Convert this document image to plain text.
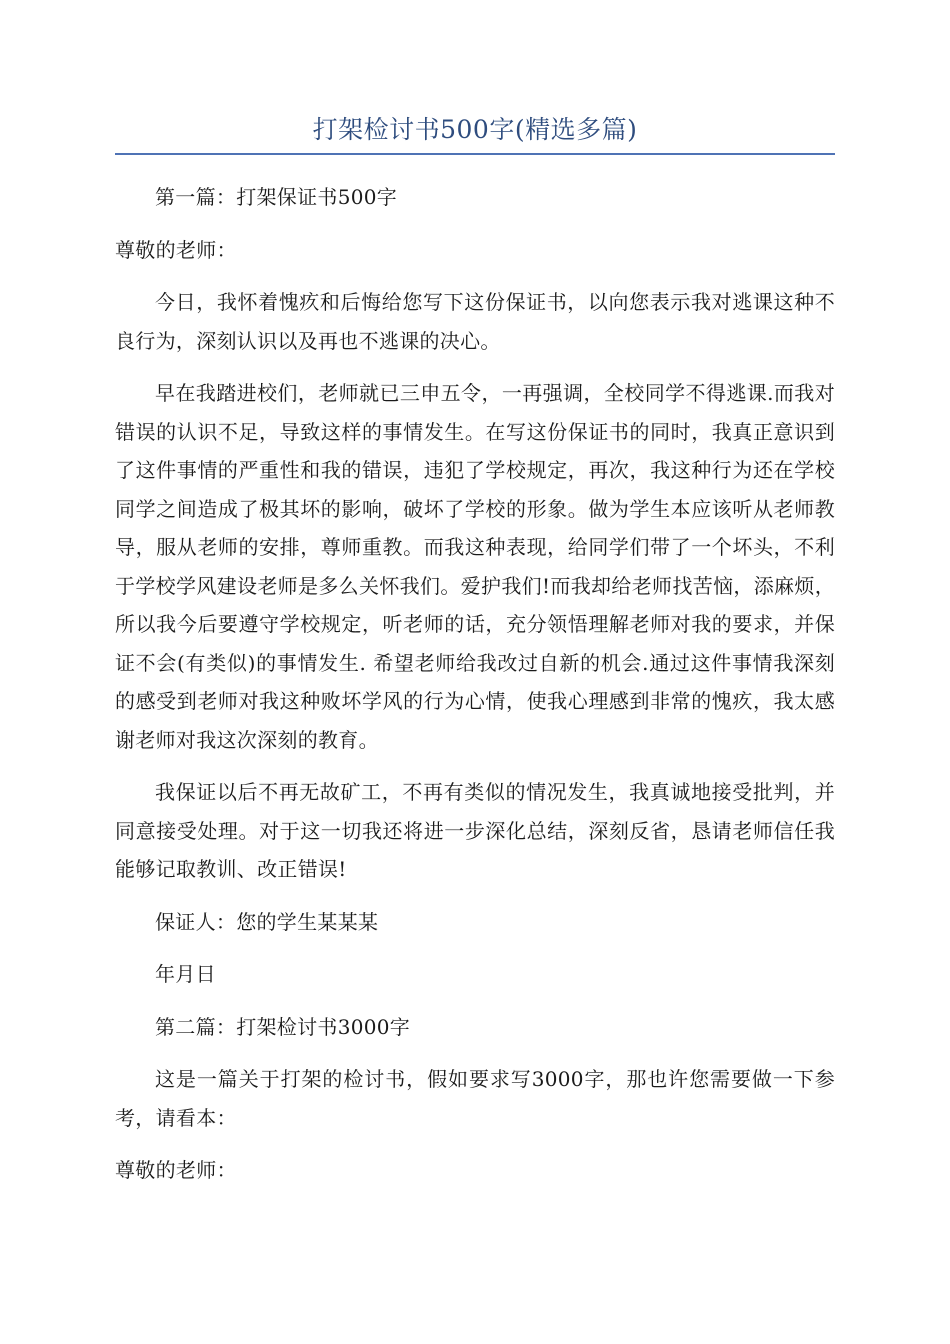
打架检讨书500字(精选多篇)

第一篇：打架保证书500字

尊敬的老师：

今日，我怀着愧疚和后悔给您写下这份保证书，以向您表示我对逃课这种不良行为，深刻认识以及再也不逃课的决心。

早在我踏进校们，老师就已三申五令，一再强调，全校同学不得逃课.而我对错误的认识不足，导致这样的事情发生。在写这份保证书的同时，我真正意识到了这件事情的严重性和我的错误，违犯了学校规定，再次，我这种行为还在学校同学之间造成了极其坏的影响，破坏了学校的形象。做为学生本应该听从老师教导，服从老师的安排，尊师重教。而我这种表现，给同学们带了一个坏头，不利于学校学风建设老师是多么关怀我们。爱护我们!而我却给老师找苦恼，添麻烦，所以我今后要遵守学校规定，听老师的话，充分领悟理解老师对我的要求，并保证不会(有类似)的事情发生. 希望老师给我改过自新的机会.通过这件事情我深刻的感受到老师对我这种败坏学风的行为心情，使我心理感到非常的愧疚，我太感谢老师对我这次深刻的教育。

我保证以后不再无故矿工，不再有类似的情况发生，我真诚地接受批判，并同意接受处理。对于这一切我还将进一步深化总结，深刻反省，恳请老师信任我能够记取教训、改正错误!

保证人：您的学生某某某

年月日

第二篇：打架检讨书3000字

这是一篇关于打架的检讨书，假如要求写3000字，那也许您需要做一下参考，请看本：

尊敬的老师：
